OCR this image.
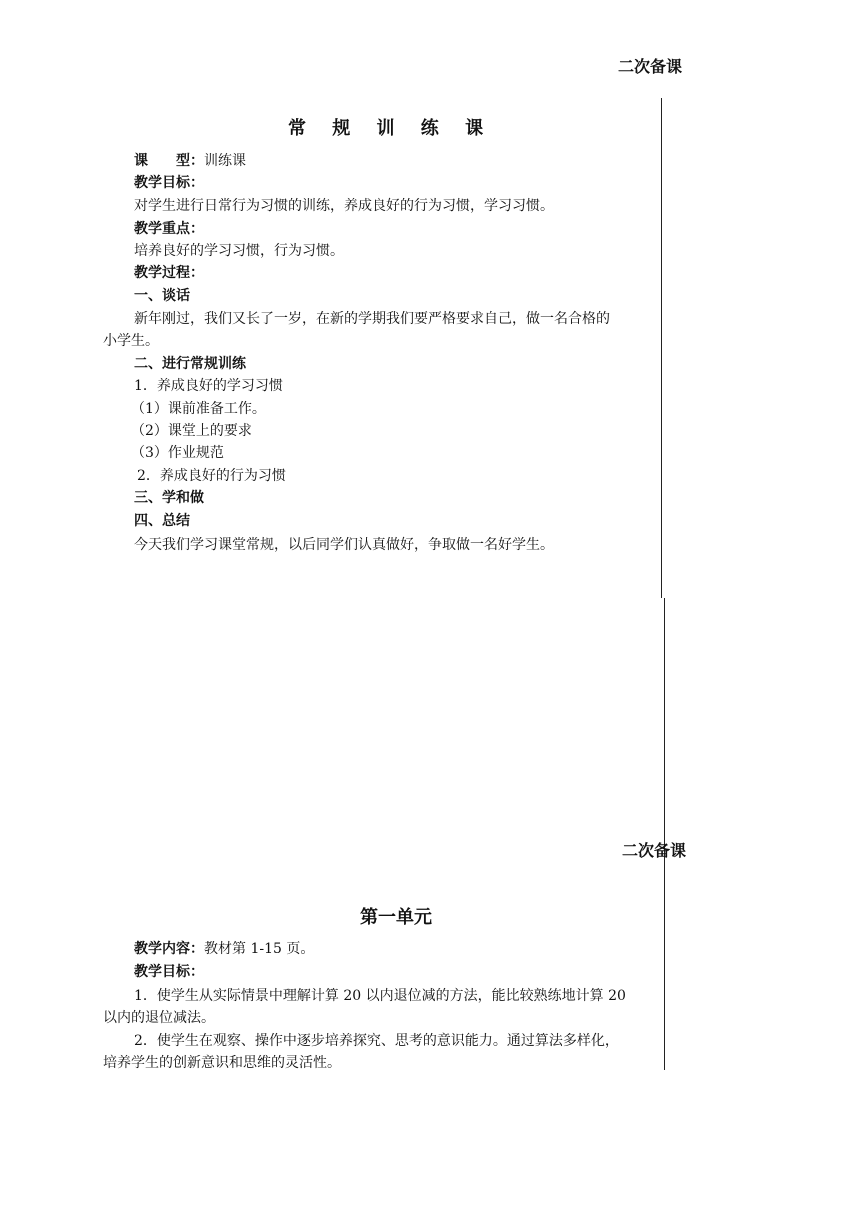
二次备课
常 规 训 练 课
课　　型：训练课
教学目标：
对学生进行日常行为习惯的训练，养成良好的行为习惯，学习习惯。
教学重点：
培养良好的学习习惯，行为习惯。
教学过程：
一、谈话
新年刚过，我们又长了一岁，在新的学期我们要严格要求自己，做一名合格的
小学生。
二、进行常规训练
1．养成良好的学习习惯
（1）课前准备工作。
（2）课堂上的要求
（3）作业规范
2．养成良好的行为习惯
三、学和做
四、总结
今天我们学习课堂常规，以后同学们认真做好，争取做一名好学生。
二次备课
第一单元
教学内容：教材第 1-15 页。
教学目标：
1．使学生从实际情景中理解计算 20 以内退位减的方法，能比较熟练地计算 20
以内的退位减法。
2．使学生在观察、操作中逐步培养探究、思考的意识能力。通过算法多样化，
培养学生的创新意识和思维的灵活性。
